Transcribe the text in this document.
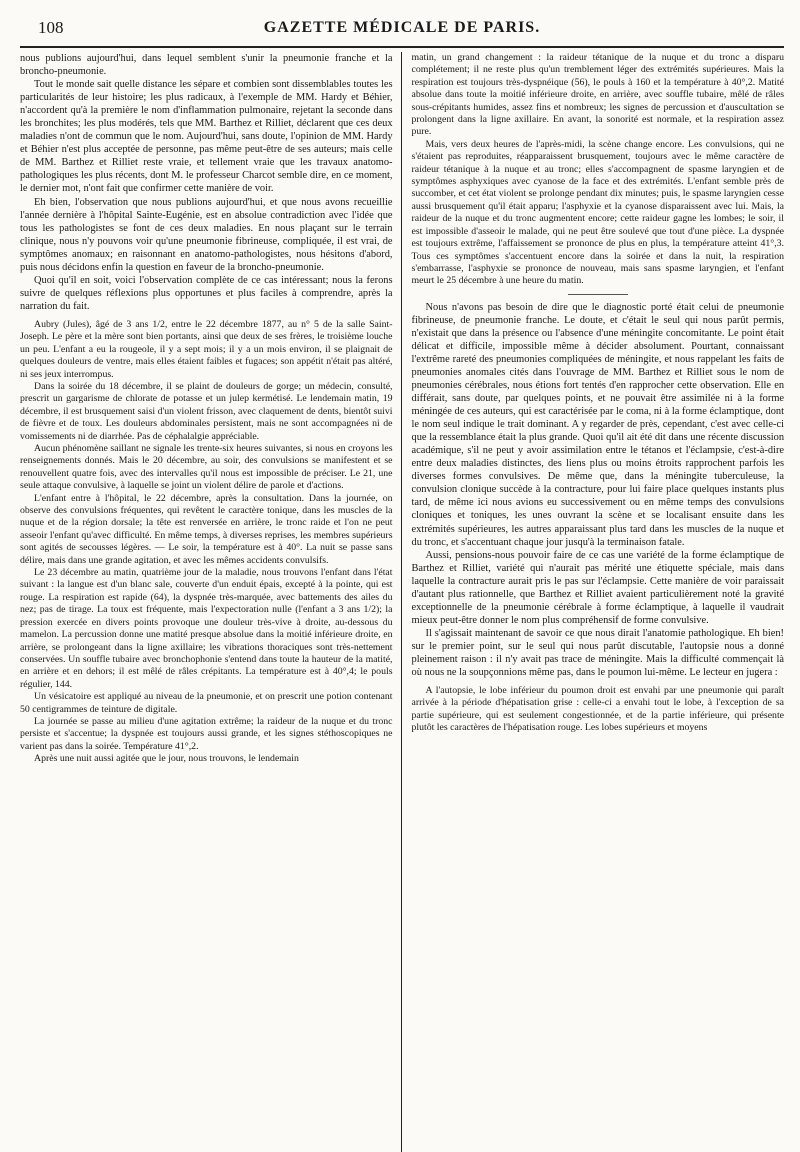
108	GAZETTE MÉDICALE DE PARIS.

nous publions aujourd'hui, dans lequel semblent s'unir la pneumonie franche et la broncho-pneumonie.

Tout le monde sait quelle distance les sépare et combien sont dissemblables toutes les particularités de leur histoire; les plus radicaux, à l'exemple de MM. Hardy et Béhier, n'accordent qu'à la première le nom d'inflammation pulmonaire, rejetant la seconde dans les bronchites; les plus modérés, tels que MM. Barthez et Rilliet, déclarent que ces deux maladies n'ont de commun que le nom. Aujourd'hui, sans doute, l'opinion de MM. Hardy et Béhier n'est plus acceptée de personne, pas même peut-être de ses auteurs; mais celle de MM. Barthez et Rilliet reste vraie, et tellement vraie que les travaux anatomo-pathologiques les plus récents, dont M. le professeur Charcot semble dire, en ce moment, le dernier mot, n'ont fait que confirmer cette manière de voir.

Eh bien, l'observation que nous publions aujourd'hui, et que nous avons recueillie l'année dernière à l'hôpital Sainte-Eugénie, est en absolue contradiction avec l'idée que tous les pathologistes se font de ces deux maladies. En nous plaçant sur le terrain clinique, nous n'y pouvons voir qu'une pneumonie fibrineuse, compliquée, il est vrai, de symptômes anomaux; en raisonnant en anatomo-pathologistes, nous hésitons d'abord, puis nous décidons enfin la question en faveur de la broncho-pneumonie.

Quoi qu'il en soit, voici l'observation complète de ce cas intéressant; nous la ferons suivre de quelques réflexions plus opportunes et plus faciles à comprendre, après la narration du fait.

Aubry (Jules), âgé de 3 ans 1/2, entre le 22 décembre 1877, au n° 5 de la salle Saint-Joseph. Le père et la mère sont bien portants, ainsi que deux de ses frères, le troisième louche un peu. L'enfant a eu la rougeole, il y a sept mois; il y a un mois environ, il se plaignait de quelques douleurs de ventre, mais elles étaient faibles et fugaces; son appétit n'était pas altéré, ni ses jeux interrompus.

Dans la soirée du 18 décembre, il se plaint de douleurs de gorge; un médecin, consulté, prescrit un gargarisme de chlorate de potasse et un julep kermétisé. Le lendemain matin, 19 décembre, il est brusquement saisi d'un violent frisson, avec claquement de dents, bientôt suivi de fièvre et de toux. Les douleurs abdominales persistent, mais ne sont accompagnées ni de vomissements ni de diarrhée. Pas de céphalalgie appréciable.

Aucun phénomène saillant ne signale les trente-six heures suivantes, si nous en croyons les renseignements donnés. Mais le 20 décembre, au soir, des convulsions se manifestent et se renouvellent quatre fois, avec des intervalles qu'il nous est impossible de préciser. Le 21, une seule attaque convulsive, à laquelle se joint un violent délire de parole et d'actions.

L'enfant entre à l'hôpital, le 22 décembre, après la consultation. Dans la journée, on observe des convulsions fréquentes, qui revêtent le caractère tonique, dans les muscles de la nuque et de la région dorsale; la tête est renversée en arrière, le tronc raide et l'on ne peut asseoir l'enfant qu'avec difficulté. En même temps, à diverses reprises, les membres supérieurs sont agités de secousses légères. — Le soir, la température est à 40°. La nuit se passe sans délire, mais dans une grande agitation, et avec les mêmes accidents convulsifs.

Le 23 décembre au matin, quatrième jour de la maladie, nous trouvons l'enfant dans l'état suivant : la langue est d'un blanc sale, couverte d'un enduit épais, excepté à la pointe, qui est rouge. La respiration est rapide (64), la dyspnée très-marquée, avec battements des ailes du nez; pas de tirage. La toux est fréquente, mais l'expectoration nulle (l'enfant a 3 ans 1/2); la pression exercée en divers points provoque une douleur très-vive à droite, au-dessous du mamelon. La percussion donne une matité presque absolue dans la moitié inférieure droite, en arrière, se prolongeant dans la ligne axillaire; les vibrations thoraciques sont très-nettement conservées. Un souffle tubaire avec bronchophonie s'entend dans toute la hauteur de la matité, en arrière et en dehors; il est mêlé de râles crépitants. La température est à 40°,4; le pouls régulier, 144.

Un vésicatoire est appliqué au niveau de la pneumonie, et on prescrit une potion contenant 50 centigrammes de teinture de digitale.

La journée se passe au milieu d'une agitation extrême; la raideur de la nuque et du tronc persiste et s'accentue; la dyspnée est toujours aussi grande, et les signes stéthoscopiques ne varient pas dans la soirée. Température 41°,2.

Après une nuit aussi agitée que le jour, nous trouvons, le lendemain

matin, un grand changement : la raideur tétanique de la nuque et du tronc a disparu complétement; il ne reste plus qu'un tremblement léger des extrémités supérieures. Mais la respiration est toujours très-dyspnéique (56), le pouls à 160 et la température à 40°,2. Matité absolue dans toute la moitié inférieure droite, en arrière, avec souffle tubaire, mêlé de râles sous-crépitants humides, assez fins et nombreux; les signes de percussion et d'auscultation se prolongent dans la ligne axillaire. En avant, la sonorité est normale, et la respiration assez pure.

Mais, vers deux heures de l'après-midi, la scène change encore. Les convulsions, qui ne s'étaient pas reproduites, réapparaissent brusquement, toujours avec le même caractère de raideur tétanique à la nuque et au tronc; elles s'accompagnent de spasme laryngien et de symptômes asphyxiques avec cyanose de la face et des extrémités. L'enfant semble près de succomber, et cet état violent se prolonge pendant dix minutes; puis, le spasme laryngien cesse aussi brusquement qu'il était apparu; l'asphyxie et la cyanose disparaissent avec lui. Mais, la raideur de la nuque et du tronc augmentent encore; cette raideur gagne les lombes; le soir, il est impossible d'asseoir le malade, qui ne peut être soulevé que tout d'une pièce. La dyspnée est toujours extrême, l'affaissement se prononce de plus en plus, la température atteint 41°,3. Tous ces symptômes s'accentuent encore dans la soirée et dans la nuit, la respiration s'embarrasse, l'asphyxie se prononce de nouveau, mais sans spasme laryngien, et l'enfant meurt le 25 décembre à une heure du matin.

Nous n'avons pas besoin de dire que le diagnostic porté était celui de pneumonie fibrineuse, de pneumonie franche. Le doute, et c'était le seul qui nous parût permis, n'existait que dans la présence ou l'absence d'une méningite concomitante. Le point était délicat et difficile, impossible même à décider absolument. Pourtant, connaissant l'extrême rareté des pneumonies compliquées de méningite, et nous rappelant les faits de pneumonies anomales cités dans l'ouvrage de MM. Barthez et Rilliet sous le nom de pneumonies cérébrales, nous étions fort tentés d'en rapprocher cette observation. Elle en différait, sans doute, par quelques points, et ne pouvait être assimilée ni à la forme méningée de ces auteurs, qui est caractérisée par le coma, ni à la forme éclamptique, dont le nom seul indique le trait dominant. A y regarder de près, cependant, c'est avec celle-ci que la ressemblance était la plus grande. Quoi qu'il ait été dit dans une récente discussion académique, s'il ne peut y avoir assimilation entre le tétanos et l'éclampsie, c'est-à-dire entre deux maladies distinctes, des liens plus ou moins étroits rapprochent parfois les diverses formes convulsives. De même que, dans la méningite tuberculeuse, la convulsion clonique succède à la contracture, pour lui faire place quelques instants plus tard, de même ici nous avions eu successivement ou en même temps des convulsions cloniques et toniques, les unes ouvrant la scène et se localisant ensuite dans les extrémités supérieures, les autres apparaissant plus tard dans les muscles de la nuque et du tronc, et s'accentuant chaque jour jusqu'à la terminaison fatale.

Aussi, pensions-nous pouvoir faire de ce cas une variété de la forme éclamptique de Barthez et Rilliet, variété qui n'aurait pas mérité une étiquette spéciale, mais dans laquelle la contracture aurait pris le pas sur l'éclampsie. Cette manière de voir paraissait d'autant plus rationnelle, que Barthez et Rilliet avaient particulièrement noté la gravité exceptionnelle de la pneumonie cérébrale à forme éclamptique, à laquelle il vaudrait mieux peut-être donner le nom plus compréhensif de forme convulsive.

Il s'agissait maintenant de savoir ce que nous dirait l'anatomie pathologique. Eh bien! sur le premier point, sur le seul qui nous parût discutable, l'autopsie nous a donné pleinement raison : il n'y avait pas trace de méningite. Mais la difficulté commençait là où nous ne la soupçonnions même pas, dans le poumon lui-même. Le lecteur en jugera :

A l'autopsie, le lobe inférieur du poumon droit est envahi par une pneumonie qui paraît arrivée à la période d'hépatisation grise : celle-ci a envahi tout le lobe, à l'exception de sa partie supérieure, qui est seulement congestionnée, et de la partie inférieure, qui présente plutôt les caractères de l'hépatisation rouge. Les lobes supérieurs et moyens
